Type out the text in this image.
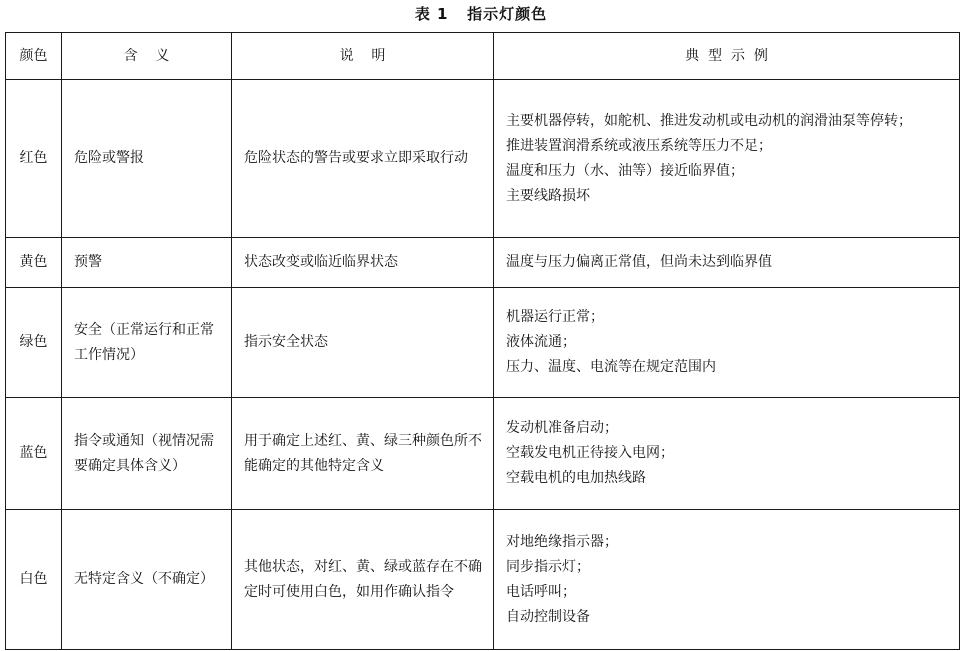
表 1   指示灯颜色
颜色	含    义	说    明	典  型  示  例

红色	危险或警报	危险状态的警告或要求立即采取行动	主要机器停转，如舵机、推进发动机或电动机的润滑油泵等停转；
推进装置润滑系统或液压系统等压力不足；
温度和压力（水、油等）接近临界值；
主要线路损坏

黄色	预警	状态改变或临近临界状态	温度与压力偏离正常值，但尚未达到临界值

绿色	安全（正常运行和正常工作情况）	指示安全状态	机器运行正常；
液体流通；
压力、温度、电流等在规定范围内

蓝色	指令或通知（视情况需要确定具体含义）	用于确定上述红、黄、绿三种颜色所不能确定的其他特定含义	发动机准备启动；
空载发电机正待接入电网；
空载电机的电加热线路

白色	无特定含义（不确定）	其他状态，对红、黄、绿或蓝存在不确定时可使用白色，如用作确认指令	对地绝缘指示器；
同步指示灯；
电话呼叫；
自动控制设备
